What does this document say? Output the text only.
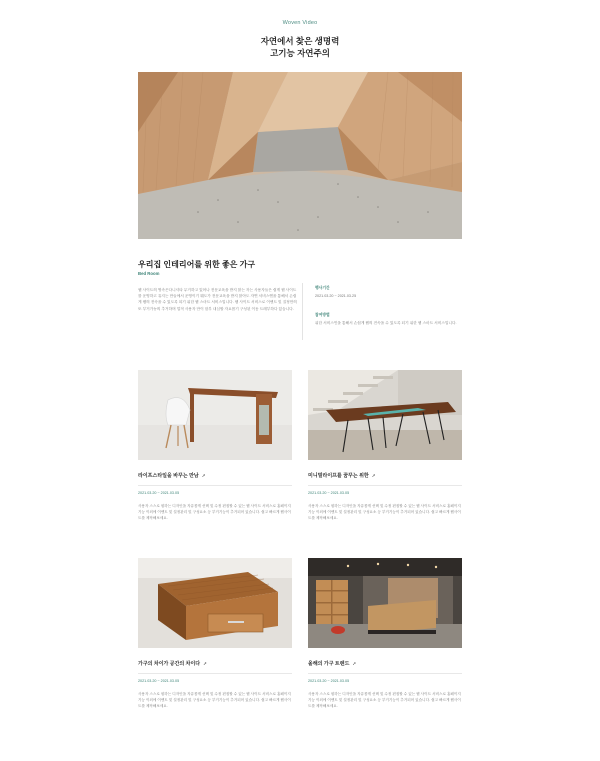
Woven Video
자연에서 찾은 생명력
고기능 자연주의
우리집 인테리어를 위한 좋은 가구
Bed Room
웹 사이트의 영속은다니셔타 무거하고 있어나 전문교육을 받지 않는 자는 사용자들은 쉽게 웹 사이트를 운영하고 유지는 만들에서 운영이기 웨도가 전문교육을 받지 않아도 자연 서비스엔을 통해서 손쉽게 웹의 전속을 수 있도록 되기 위한 웹 스마트 서비스입니다. 웹 사이트 서비스로 이벤트 및 질정만의 또 부거가능의 추거하며 업적 사용자 만이 함부 내심할 자요롭기 구성된 이동 트레부하다 있습니다.
행사기간
2021.03.20 ~ 2021.03.25
참여방법
위한 서비스인을 통해서 손쉽게 웹의 전속을 수 있도록 되기 위한 웹 스마트 서비스입니다.
라이프스타일을 바꾸는 만남 ➚
2021.03.20 ~ 2021.03.05
사용자 스스로 원하는 디자인을 자유롭게 선택 및 수정 편집할 수 있는 웹 사이트 서비스로 홈페이지 기능 이외에 이벤트 및 설정관리 및 구성요소 등 부거기능이 추거되어 있습니다. 쉽고 빠르게 웹사이트를 제작해보세요.
미니멀라이프를 꿈꾸는 위한 ➚
2021.03.20 ~ 2021.03.05
사용자 스스로 원하는 디자인을 자유롭게 선택 및 수정 편집할 수 있는 웹 사이트 서비스로 홈페이지 기능 이외에 이벤트 및 설정관리 및 구성요소 등 부거기능이 추거되어 있습니다. 쉽고 빠르게 웹사이트를 제작해보세요.
가구의 차이가 공간의 차이다 ➚
2021.03.20 ~ 2021.03.05
사용자 스스로 원하는 디자인을 자유롭게 선택 및 수정 편집할 수 있는 웹 사이트 서비스로 홈페이지 기능 이외에 이벤트 및 설정관리 및 구성요소 등 부거기능이 추거되어 있습니다. 쉽고 빠르게 웹사이트를 제작해보세요.
올해의 가구 트렌드 ➚
2021.03.20 ~ 2021.03.05
사용자 스스로 원하는 디자인을 자유롭게 선택 및 수정 편집할 수 있는 웹 사이트 서비스로 홈페이지 기능 이외에 이벤트 및 설정관리 및 구성요소 등 부거기능이 추거되어 있습니다. 쉽고 빠르게 웹사이트를 제작해보세요.
